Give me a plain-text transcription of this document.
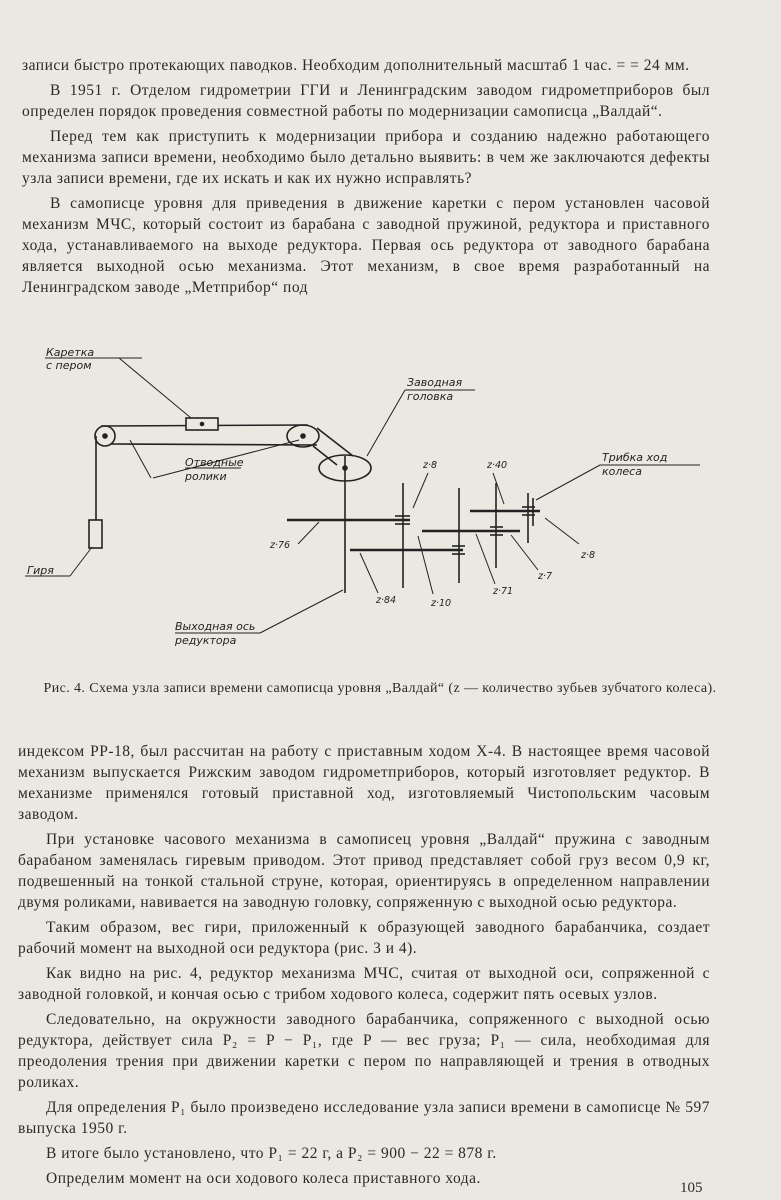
записи быстро протекающих паводков. Необходим дополнительный масштаб 1 час. = = 24 мм.

В 1951 г. Отделом гидрометрии ГГИ и Ленинградским заводом гидрометприборов был определен порядок проведения совместной работы по модернизации самописца „Валдай“.

Перед тем как приступить к модернизации прибора и созданию надежно работающего механизма записи времени, необходимо было детально выявить: в чем же заключаются дефекты узла записи времени, где их искать и как их нужно исправлять?

В самописце уровня для приведения в движение каретки с пером установлен часовой механизм МЧС, который состоит из барабана с заводной пружиной, редуктора и приставного хода, устанавливаемого на выходе редуктора. Первая ось редуктора от заводного барабана является выходной осью механизма. Этот механизм, в свое время разработанный на Ленинградском заводе „Метприбор“ под

Каретка
с пером
Заводная
головка
Отводные
ролики
Трибка ход
колеса
Гиря
Выходная ось
редуктора
z·8	z·40
z·76
z·84	z·10
z·71
z·7
z·8
Рис. 4. Схема узла записи времени самописца уровня „Валдай“ (z — количество зубьев зубчатого колеса).

индексом РР-18, был рассчитан на работу с приставным ходом Х-4. В настоящее время часовой механизм выпускается Рижским заводом гидрометприборов, который изготовляет редуктор. В механизме применялся готовый приставной ход, изготовляемый Чистопольским часовым заводом.

При установке часового механизма в самописец уровня „Валдай“ пружина с заводным барабаном заменялась гиревым приводом. Этот привод представляет собой груз весом 0,9 кг, подвешенный на тонкой стальной струне, которая, ориентируясь в определенном направлении двумя роликами, навивается на заводную головку, сопряженную с выходной осью редуктора.

Таким образом, вес гири, приложенный к образующей заводного барабанчика, создает рабочий момент на выходной оси редуктора (рис. 3 и 4).

Как видно на рис. 4, редуктор механизма МЧС, считая от выходной оси, сопряженной с заводной головкой, и кончая осью с трибом ходового колеса, содержит пять осевых узлов.

Следовательно, на окружности заводного барабанчика, сопряженного с выходной осью редуктора, действует сила P₂ = P − P₁, где P — вес груза; P₁ — сила, необходимая для преодоления трения при движении каретки с пером по направляющей и трения в отводных роликах.

Для определения P₁ было произведено исследование узла записи времени в самописце № 597 выпуска 1950 г.

В итоге было установлено, что P₁ = 22 г, а P₂ = 900 − 22 = 878 г.

Определим момент на оси ходового колеса приставного хода.

105
